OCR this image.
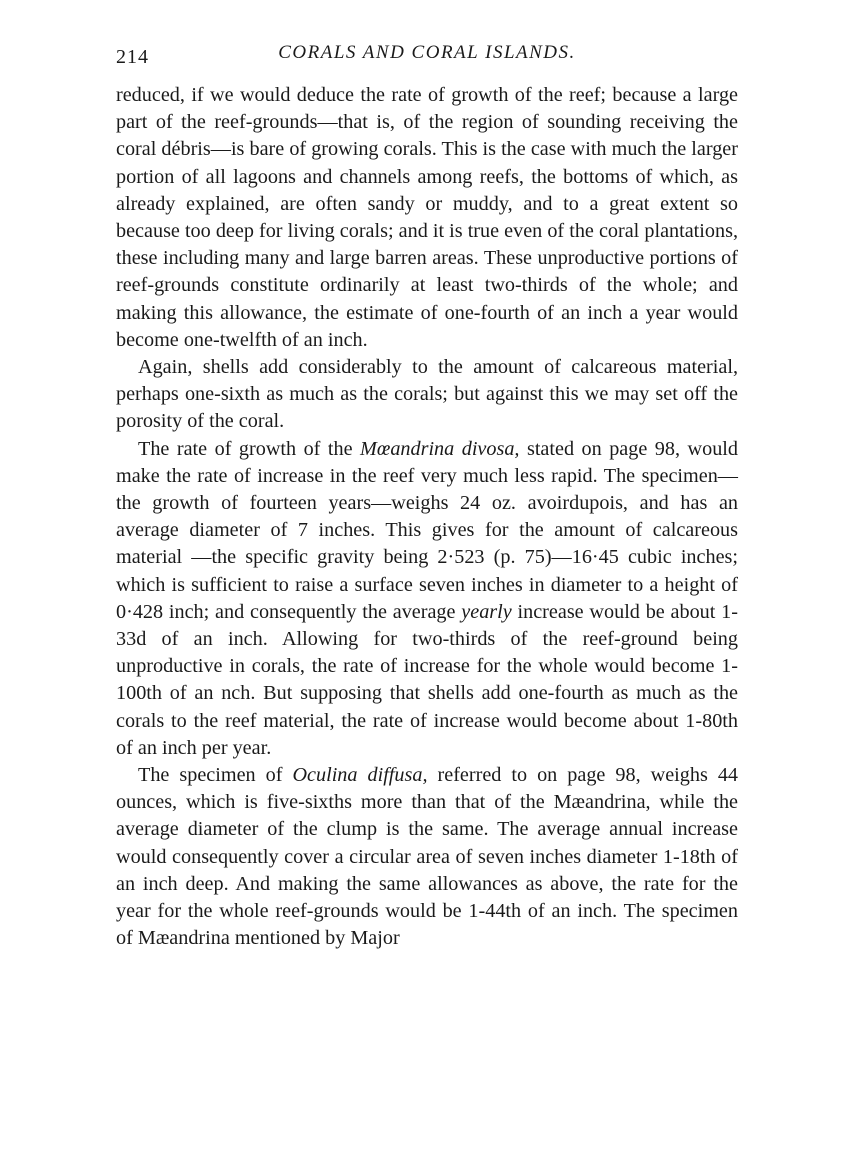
214	CORALS AND CORAL ISLANDS.

reduced, if we would deduce the rate of growth of the reef; because a large part of the reef-grounds—that is, of the region of sounding receiving the coral débris—is bare of growing corals. This is the case with much the larger portion of all lagoons and channels among reefs, the bottoms of which, as already explained, are often sandy or muddy, and to a great extent so because too deep for living corals; and it is true even of the coral plantations, these including many and large barren areas. These unproductive portions of reef-grounds constitute ordinarily at least two-thirds of the whole; and making this allowance, the estimate of one-fourth of an inch a year would become one-twelfth of an inch.

Again, shells add considerably to the amount of calcareous material, perhaps one-sixth as much as the corals; but against this we may set off the porosity of the coral.

The rate of growth of the Mœandrina divosa, stated on page 98, would make the rate of increase in the reef very much less rapid. The specimen—the growth of fourteen years—weighs 24 oz. avoirdupois, and has an average diameter of 7 inches. This gives for the amount of calcareous material —the specific gravity being 2·523 (p. 75)—16·45 cubic inches; which is sufficient to raise a surface seven inches in diameter to a height of 0·428 inch; and consequently the average yearly increase would be about 1-33d of an inch. Allowing for two-thirds of the reef-ground being unproductive in corals, the rate of increase for the whole would become 1-100th of an nch. But supposing that shells add one-fourth as much as the corals to the reef material, the rate of increase would become about 1-80th of an inch per year.

The specimen of Oculina diffusa, referred to on page 98, weighs 44 ounces, which is five-sixths more than that of the Mæandrina, while the average diameter of the clump is the same. The average annual increase would consequently cover a circular area of seven inches diameter 1-18th of an inch deep. And making the same allowances as above, the rate for the year for the whole reef-grounds would be 1-44th of an inch. The specimen of Mæandrina mentioned by Major
